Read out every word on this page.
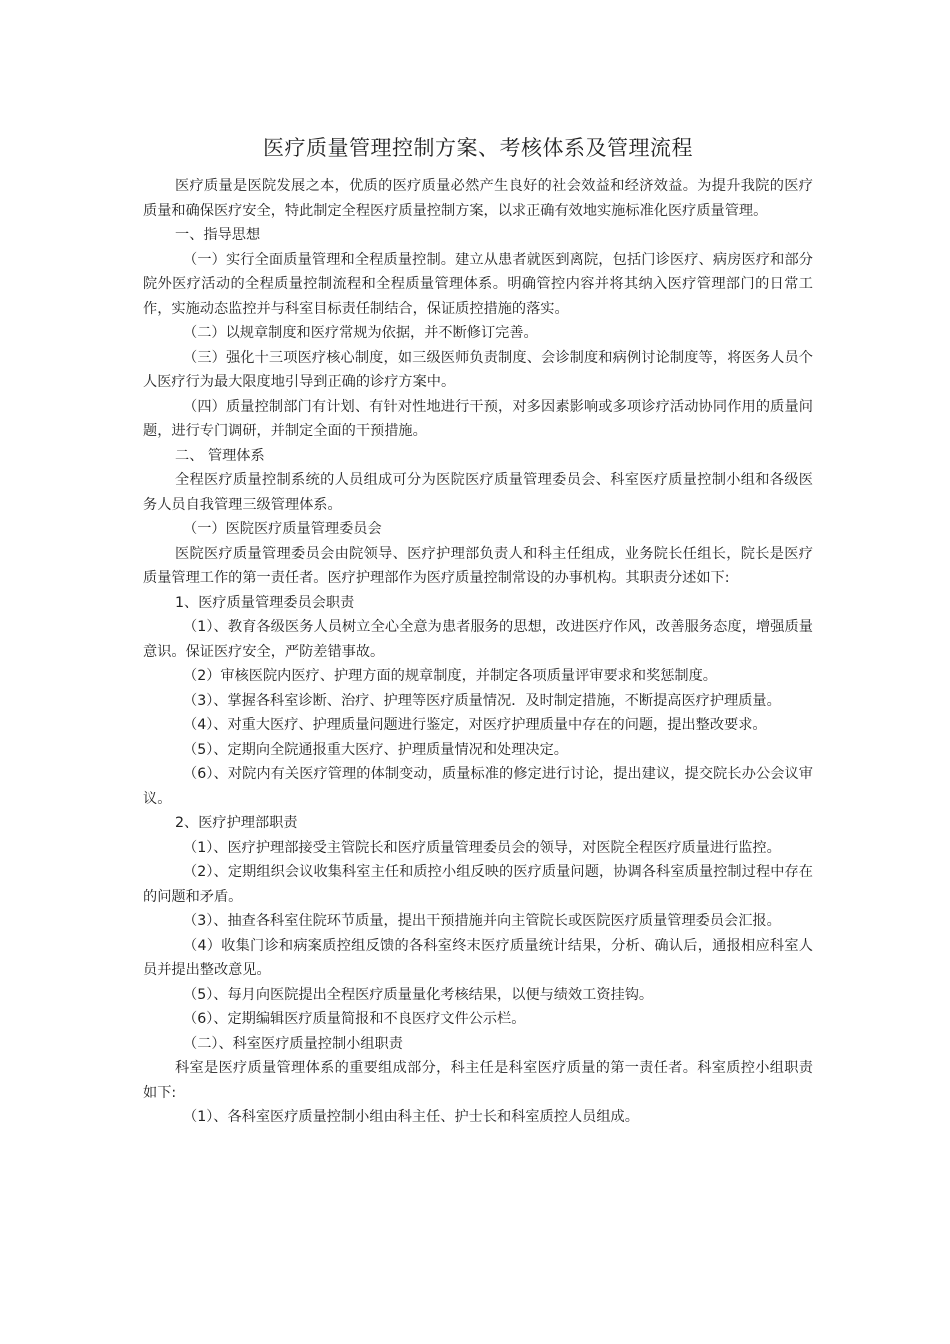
医疗质量管理控制方案、考核体系及管理流程

医疗质量是医院发展之本，优质的医疗质量必然产生良好的社会效益和经济效益。为提升我院的医疗质量和确保医疗安全，特此制定全程医疗质量控制方案，以求正确有效地实施标准化医疗质量管理。

一、指导思想

（一）实行全面质量管理和全程质量控制。建立从患者就医到离院，包括门诊医疗、病房医疗和部分院外医疗活动的全程质量控制流程和全程质量管理体系。明确管控内容并将其纳入医疗管理部门的日常工作，实施动态监控并与科室目标责任制结合，保证质控措施的落实。

（二）以规章制度和医疗常规为依据，并不断修订完善。

（三）强化十三项医疗核心制度，如三级医师负责制度、会诊制度和病例讨论制度等，将医务人员个人医疗行为最大限度地引导到正确的诊疗方案中。

（四）质量控制部门有计划、有针对性地进行干预，对多因素影响或多项诊疗活动协同作用的质量问题，进行专门调研，并制定全面的干预措施。

二、 管理体系

全程医疗质量控制系统的人员组成可分为医院医疗质量管理委员会、科室医疗质量控制小组和各级医务人员自我管理三级管理体系。

（一）医院医疗质量管理委员会

医院医疗质量管理委员会由院领导、医疗护理部负责人和科主任组成，业务院长任组长，院长是医疗质量管理工作的第一责任者。医疗护理部作为医疗质量控制常设的办事机构。其职责分述如下:

1、医疗质量管理委员会职责

（1）、教育各级医务人员树立全心全意为患者服务的思想，改进医疗作风，改善服务态度，增强质量意识。保证医疗安全，严防差错事故。

（2）审核医院内医疗、护理方面的规章制度，并制定各项质量评审要求和奖惩制度。

（3）、掌握各科室诊断、治疗、护理等医疗质量情况．及时制定措施，不断提高医疗护理质量。

（4）、对重大医疗、护理质量问题进行鉴定，对医疗护理质量中存在的问题，提出整改要求。

（5）、定期向全院通报重大医疗、护理质量情况和处理决定。

（6）、对院内有关医疗管理的体制变动，质量标准的修定进行讨论，提出建议，提交院长办公会议审议。

2、医疗护理部职责

（1）、医疗护理部接受主管院长和医疗质量管理委员会的领导，对医院全程医疗质量进行监控。

（2）、定期组织会议收集科室主任和质控小组反映的医疗质量问题，协调各科室质量控制过程中存在的问题和矛盾。

（3）、抽查各科室住院环节质量，提出干预措施并向主管院长或医院医疗质量管理委员会汇报。

（4）收集门诊和病案质控组反馈的各科室终末医疗质量统计结果，分析、确认后，通报相应科室人员并提出整改意见。

（5）、每月向医院提出全程医疗质量量化考核结果，以便与绩效工资挂钩。

（6）、定期编辑医疗质量简报和不良医疗文件公示栏。

（二）、科室医疗质量控制小组职责

科室是医疗质量管理体系的重要组成部分，科主任是科室医疗质量的第一责任者。科室质控小组职责如下:

（1）、各科室医疗质量控制小组由科主任、护士长和科室质控人员组成。
